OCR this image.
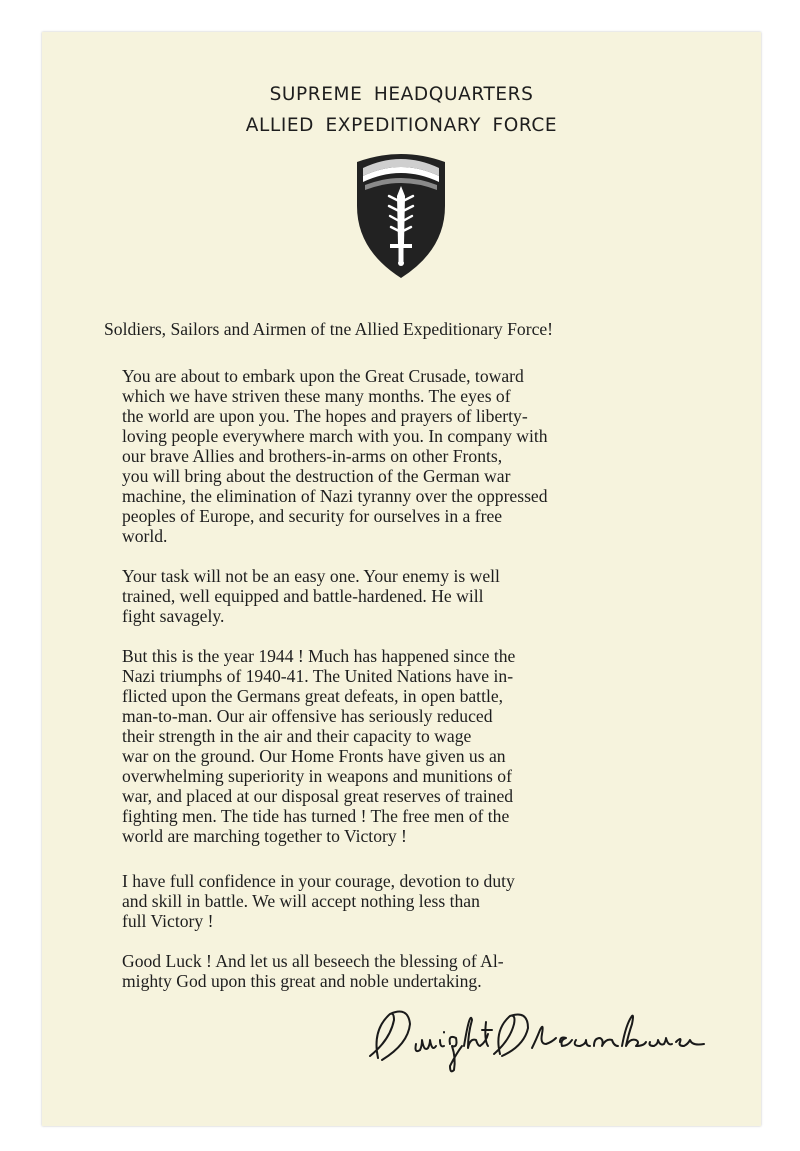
SUPREME HEADQUARTERS
ALLIED EXPEDITIONARY FORCE
Soldiers, Sailors and Airmen of tne Allied Expeditionary Force!
You are about to embark upon the Great Crusade, toward
which we have striven these many months. The eyes of
the world are upon you. The hopes and prayers of liberty-
loving people everywhere march with you. In company with
our brave Allies and brothers-in-arms on other Fronts,
you will bring about the destruction of the German war
machine, the elimination of Nazi tyranny over the oppressed
peoples of Europe, and security for ourselves in a free
world.
Your task will not be an easy one. Your enemy is well
trained, well equipped and battle-hardened. He will
fight savagely.
But this is the year 1944 ! Much has happened since the
Nazi triumphs of 1940-41. The United Nations have in-
flicted upon the Germans great defeats, in open battle,
man-to-man. Our air offensive has seriously reduced
their strength in the air and their capacity to wage
war on the ground. Our Home Fronts have given us an
overwhelming superiority in weapons and munitions of
war, and placed at our disposal great reserves of trained
fighting men. The tide has turned ! The free men of the
world are marching together to Victory !
I have full confidence in your courage, devotion to duty
and skill in battle. We will accept nothing less than
full Victory !
Good Luck ! And let us all beseech the blessing of Al-
mighty God upon this great and noble undertaking.
